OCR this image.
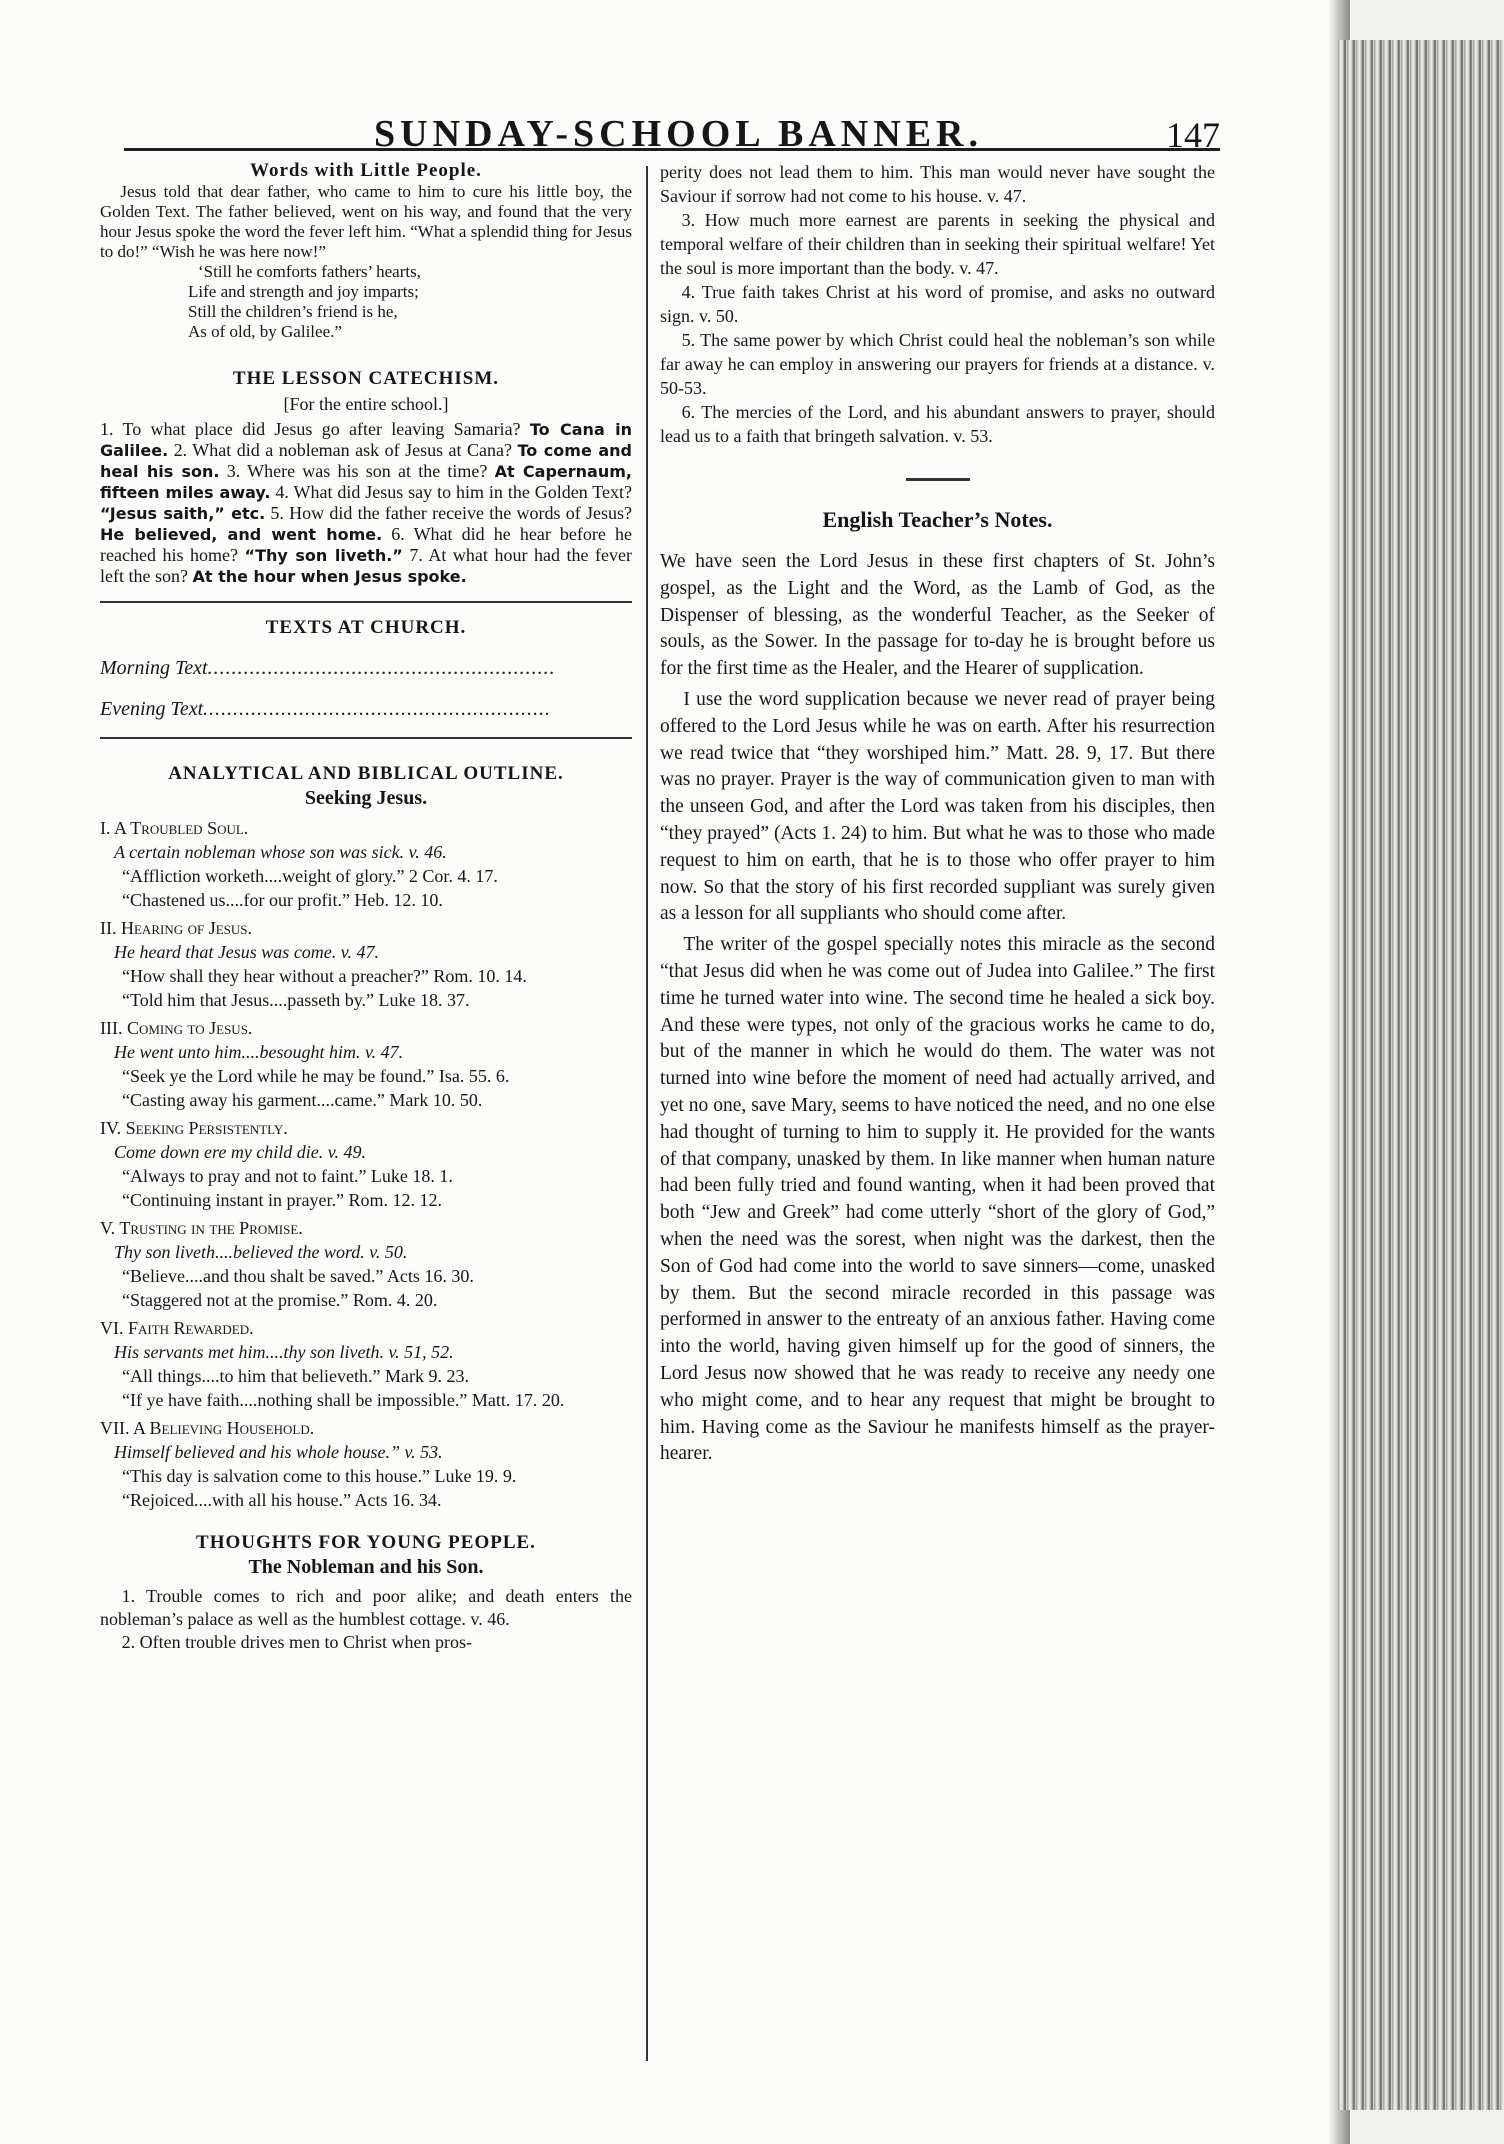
SUNDAY-SCHOOL BANNER.	147
Words with Little People.

Jesus told that dear father, who came to him to cure his little boy, the Golden Text. The father believed, went on his way, and found that the very hour Jesus spoke the word the fever left him. “What a splendid thing for Jesus to do!” “Wish he was here now!”

‘Still he comforts fathers’ hearts,
Life and strength and joy imparts;
Still the children’s friend is he,
As of old, by Galilee.”
THE LESSON CATECHISM.
[For the entire school.]

1. To what place did Jesus go after leaving Samaria? To Cana in Galilee. 2. What did a nobleman ask of Jesus at Cana? To come and heal his son. 3. Where was his son at the time? At Capernaum, fifteen miles away. 4. What did Jesus say to him in the Golden Text? “Jesus saith,” etc. 5. How did the father receive the words of Jesus? He believed, and went home. 6. What did he hear before he reached his home? “Thy son liveth.” 7. At what hour had the fever left the son? At the hour when Jesus spoke.

TEXTS AT CHURCH.
Morning Text..........................................................
Evening Text..........................................................
ANALYTICAL AND BIBLICAL OUTLINE.
Seeking Jesus.
I. A Troubled Soul.
A certain nobleman whose son was sick. v. 46.
“Affliction worketh....weight of glory.” 2 Cor. 4. 17.
“Chastened us....for our profit.” Heb. 12. 10.
II. Hearing of Jesus.
He heard that Jesus was come. v. 47.
“How shall they hear without a preacher?” Rom. 10. 14.
“Told him that Jesus....passeth by.” Luke 18. 37.
III. Coming to Jesus.
He went unto him....besought him. v. 47.
“Seek ye the Lord while he may be found.” Isa. 55. 6.
“Casting away his garment....came.” Mark 10. 50.
IV. Seeking Persistently.
Come down ere my child die. v. 49.
“Always to pray and not to faint.” Luke 18. 1.
“Continuing instant in prayer.” Rom. 12. 12.
V. Trusting in the Promise.
Thy son liveth....believed the word. v. 50.
“Believe....and thou shalt be saved.” Acts 16. 30.
“Staggered not at the promise.” Rom. 4. 20.
VI. Faith Rewarded.
His servants met him....thy son liveth. v. 51, 52.
“All things....to him that believeth.” Mark 9. 23.
“If ye have faith....nothing shall be impossible.” Matt. 17. 20.
VII. A Believing Household.
Himself believed and his whole house.” v. 53.
“This day is salvation come to this house.” Luke 19. 9.
“Rejoiced....with all his house.” Acts 16. 34.
THOUGHTS FOR YOUNG PEOPLE.
The Nobleman and his Son.

1. Trouble comes to rich and poor alike; and death enters the nobleman’s palace as well as the humblest cottage. v. 46.

2. Often trouble drives men to Christ when pros-

perity does not lead them to him. This man would never have sought the Saviour if sorrow had not come to his house. v. 47.

3. How much more earnest are parents in seeking the physical and temporal welfare of their children than in seeking their spiritual welfare! Yet the soul is more important than the body. v. 47.

4. True faith takes Christ at his word of promise, and asks no outward sign. v. 50.

5. The same power by which Christ could heal the nobleman’s son while far away he can employ in answering our prayers for friends at a distance. v. 50-53.

6. The mercies of the Lord, and his abundant answers to prayer, should lead us to a faith that bringeth salvation. v. 53.

English Teacher’s Notes.

We have seen the Lord Jesus in these first chapters of St. John’s gospel, as the Light and the Word, as the Lamb of God, as the Dispenser of blessing, as the wonderful Teacher, as the Seeker of souls, as the Sower. In the passage for to-day he is brought before us for the first time as the Healer, and the Hearer of supplication.

I use the word supplication because we never read of prayer being offered to the Lord Jesus while he was on earth. After his resurrection we read twice that “they worshiped him.” Matt. 28. 9, 17. But there was no prayer. Prayer is the way of communication given to man with the unseen God, and after the Lord was taken from his disciples, then “they prayed” (Acts 1. 24) to him. But what he was to those who made request to him on earth, that he is to those who offer prayer to him now. So that the story of his first recorded suppliant was surely given as a lesson for all suppliants who should come after.

The writer of the gospel specially notes this miracle as the second “that Jesus did when he was come out of Judea into Galilee.” The first time he turned water into wine. The second time he healed a sick boy. And these were types, not only of the gracious works he came to do, but of the manner in which he would do them. The water was not turned into wine before the moment of need had actually arrived, and yet no one, save Mary, seems to have noticed the need, and no one else had thought of turning to him to supply it. He provided for the wants of that company, unasked by them. In like manner when human nature had been fully tried and found wanting, when it had been proved that both “Jew and Greek” had come utterly “short of the glory of God,” when the need was the sorest, when night was the darkest, then the Son of God had come into the world to save sinners—come, unasked by them. But the second miracle recorded in this passage was performed in answer to the entreaty of an anxious father. Having come into the world, having given himself up for the good of sinners, the Lord Jesus now showed that he was ready to receive any needy one who might come, and to hear any request that might be brought to him. Having come as the Saviour he manifests himself as the prayer-hearer.
